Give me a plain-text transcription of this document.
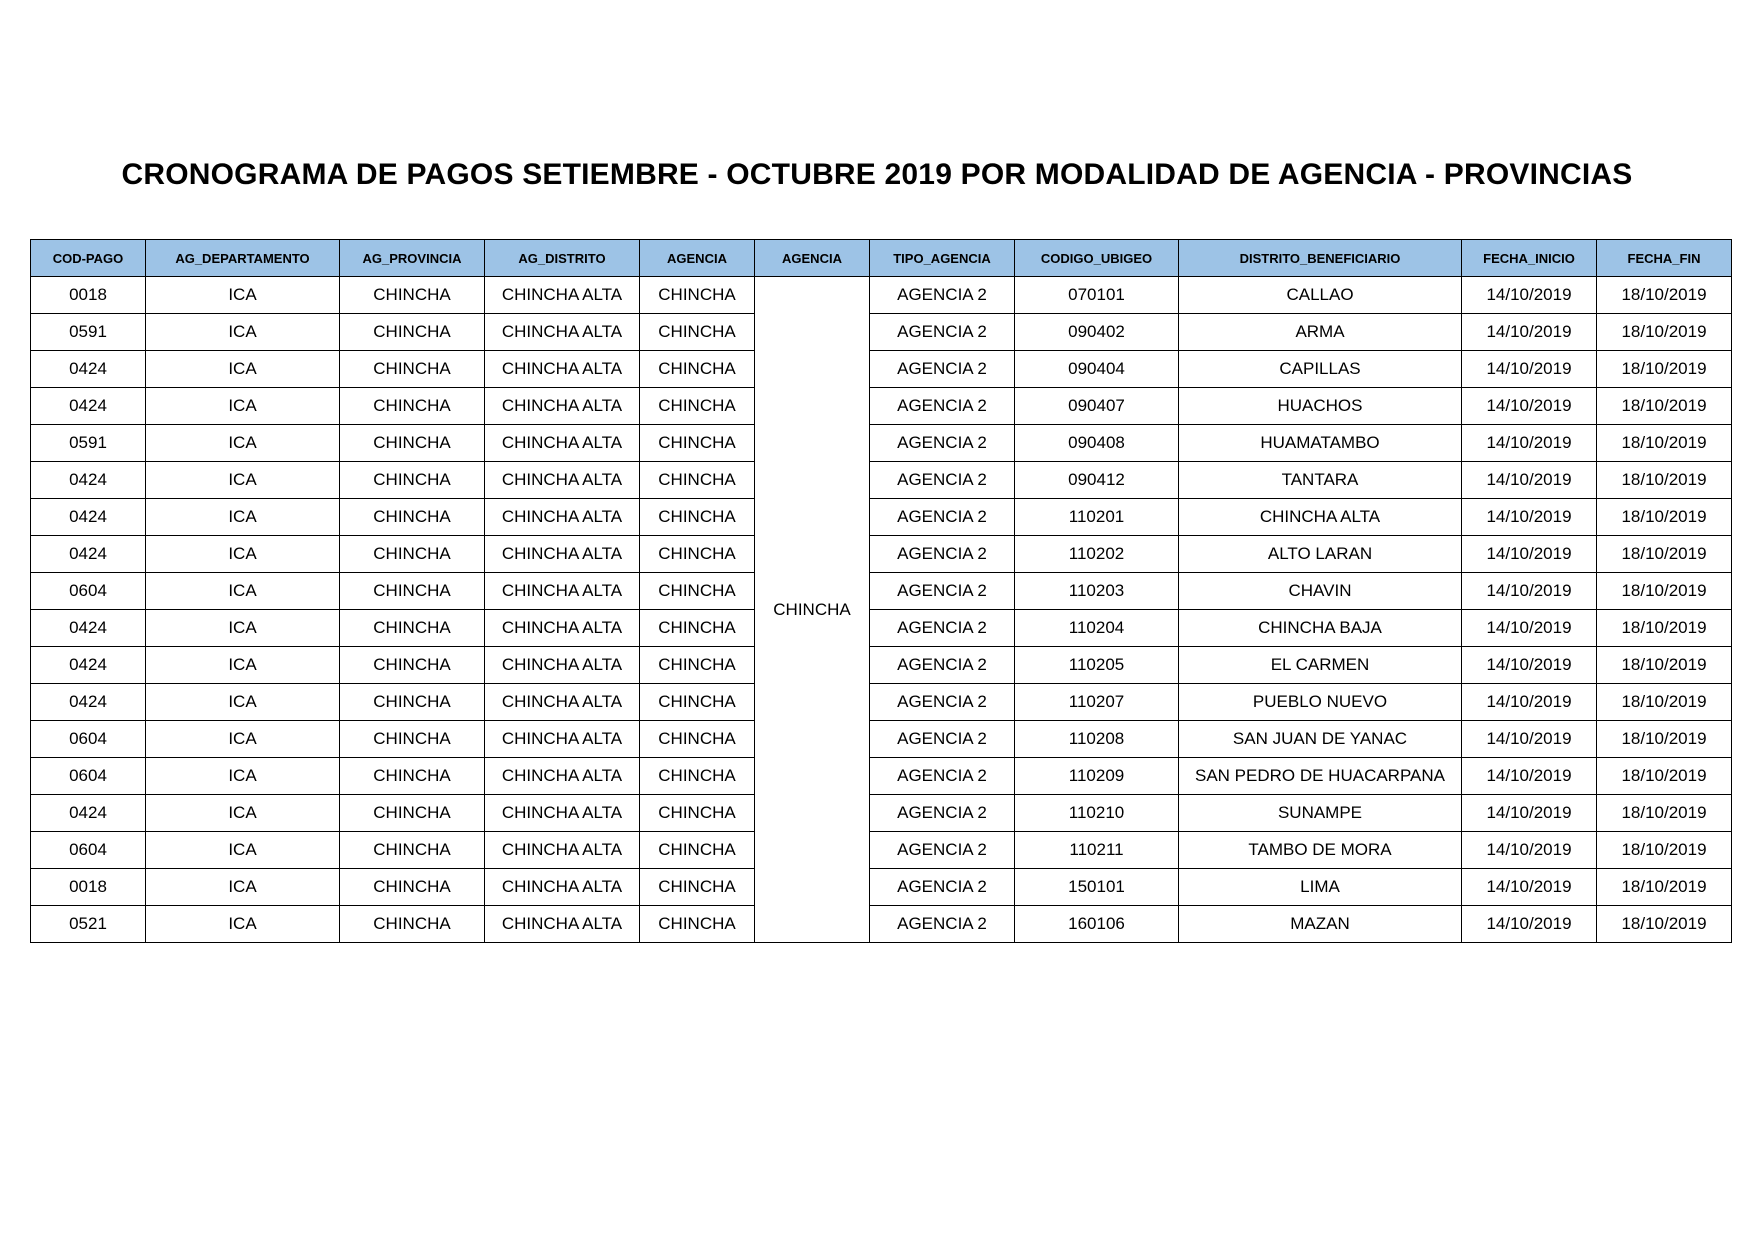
CRONOGRAMA DE PAGOS SETIEMBRE - OCTUBRE 2019 POR MODALIDAD DE AGENCIA - PROVINCIAS
COD-PAGO	AG_DEPARTAMENTO	AG_PROVINCIA	AG_DISTRITO	AGENCIA	AGENCIA	TIPO_AGENCIA	CODIGO_UBIGEO	DISTRITO_BENEFICIARIO	FECHA_INICIO	FECHA_FIN
0018	ICA	CHINCHA	CHINCHA ALTA	CHINCHA	CHINCHA	AGENCIA 2	070101	CALLAO	14/10/2019	18/10/2019
0591	ICA	CHINCHA	CHINCHA ALTA	CHINCHA		AGENCIA 2	090402	ARMA	14/10/2019	18/10/2019
0424	ICA	CHINCHA	CHINCHA ALTA	CHINCHA		AGENCIA 2	090404	CAPILLAS	14/10/2019	18/10/2019
0424	ICA	CHINCHA	CHINCHA ALTA	CHINCHA		AGENCIA 2	090407	HUACHOS	14/10/2019	18/10/2019
0591	ICA	CHINCHA	CHINCHA ALTA	CHINCHA		AGENCIA 2	090408	HUAMATAMBO	14/10/2019	18/10/2019
0424	ICA	CHINCHA	CHINCHA ALTA	CHINCHA		AGENCIA 2	090412	TANTARA	14/10/2019	18/10/2019
0424	ICA	CHINCHA	CHINCHA ALTA	CHINCHA		AGENCIA 2	110201	CHINCHA ALTA	14/10/2019	18/10/2019
0424	ICA	CHINCHA	CHINCHA ALTA	CHINCHA		AGENCIA 2	110202	ALTO LARAN	14/10/2019	18/10/2019
0604	ICA	CHINCHA	CHINCHA ALTA	CHINCHA		AGENCIA 2	110203	CHAVIN	14/10/2019	18/10/2019
0424	ICA	CHINCHA	CHINCHA ALTA	CHINCHA		AGENCIA 2	110204	CHINCHA BAJA	14/10/2019	18/10/2019
0424	ICA	CHINCHA	CHINCHA ALTA	CHINCHA		AGENCIA 2	110205	EL CARMEN	14/10/2019	18/10/2019
0424	ICA	CHINCHA	CHINCHA ALTA	CHINCHA		AGENCIA 2	110207	PUEBLO NUEVO	14/10/2019	18/10/2019
0604	ICA	CHINCHA	CHINCHA ALTA	CHINCHA		AGENCIA 2	110208	SAN JUAN DE YANAC	14/10/2019	18/10/2019
0604	ICA	CHINCHA	CHINCHA ALTA	CHINCHA		AGENCIA 2	110209	SAN PEDRO DE HUACARPANA	14/10/2019	18/10/2019
0424	ICA	CHINCHA	CHINCHA ALTA	CHINCHA		AGENCIA 2	110210	SUNAMPE	14/10/2019	18/10/2019
0604	ICA	CHINCHA	CHINCHA ALTA	CHINCHA		AGENCIA 2	110211	TAMBO DE MORA	14/10/2019	18/10/2019
0018	ICA	CHINCHA	CHINCHA ALTA	CHINCHA		AGENCIA 2	150101	LIMA	14/10/2019	18/10/2019
0521	ICA	CHINCHA	CHINCHA ALTA	CHINCHA		AGENCIA 2	160106	MAZAN	14/10/2019	18/10/2019
